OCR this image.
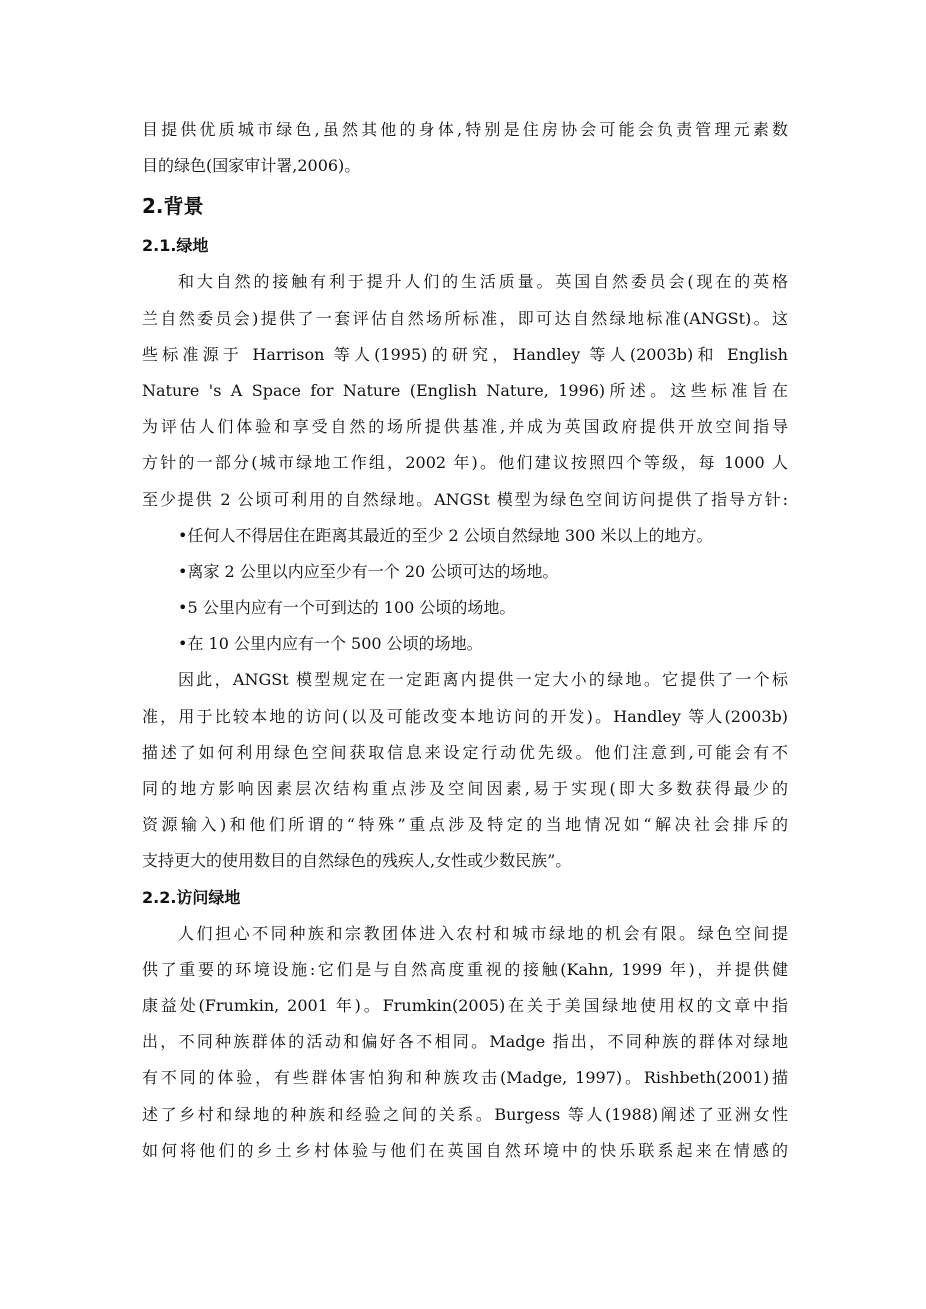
目提供优质城市绿色,虽然其他的身体,特别是住房协会可能会负责管理元素数
目的绿色(国家审计署,2006)。
2.背景
2.1.绿地
和大自然的接触有利于提升人们的生活质量。英国自然委员会(现在的英格
兰自然委员会)提供了一套评估自然场所标准，即可达自然绿地标准(ANGSt)。这
些标准源于 Harrison 等人(1995)的研究，Handley 等人(2003b)和 English
Nature 's A Space for Nature (English Nature, 1996)所述。这些标准旨在
为评估人们体验和享受自然的场所提供基准,并成为英国政府提供开放空间指导
方针的一部分(城市绿地工作组，2002 年)。他们建议按照四个等级，每 1000 人
至少提供 2 公顷可利用的自然绿地。ANGSt 模型为绿色空间访问提供了指导方针:
•任何人不得居住在距离其最近的至少 2 公顷自然绿地 300 米以上的地方。
•离家 2 公里以内应至少有一个 20 公顷可达的场地。
•5 公里内应有一个可到达的 100 公顷的场地。
•在 10 公里内应有一个 500 公顷的场地。
因此，ANGSt 模型规定在一定距离内提供一定大小的绿地。它提供了一个标
准，用于比较本地的访问(以及可能改变本地访问的开发)。Handley 等人(2003b)
描述了如何利用绿色空间获取信息来设定行动优先级。他们注意到,可能会有不
同的地方影响因素层次结构重点涉及空间因素,易于实现(即大多数获得最少的
资源输入)和他们所谓的“特殊”重点涉及特定的当地情况如“解决社会排斥的
支持更大的使用数目的自然绿色的残疾人,女性或少数民族”。
2.2.访问绿地
人们担心不同种族和宗教团体进入农村和城市绿地的机会有限。绿色空间提
供了重要的环境设施:它们是与自然高度重视的接触(Kahn, 1999 年)，并提供健
康益处(Frumkin, 2001 年)。Frumkin(2005)在关于美国绿地使用权的文章中指
出，不同种族群体的活动和偏好各不相同。Madge 指出，不同种族的群体对绿地
有不同的体验，有些群体害怕狗和种族攻击(Madge, 1997)。Rishbeth(2001)描
述了乡村和绿地的种族和经验之间的关系。Burgess 等人(1988)阐述了亚洲女性
如何将他们的乡土乡村体验与他们在英国自然环境中的快乐联系起来在情感的
